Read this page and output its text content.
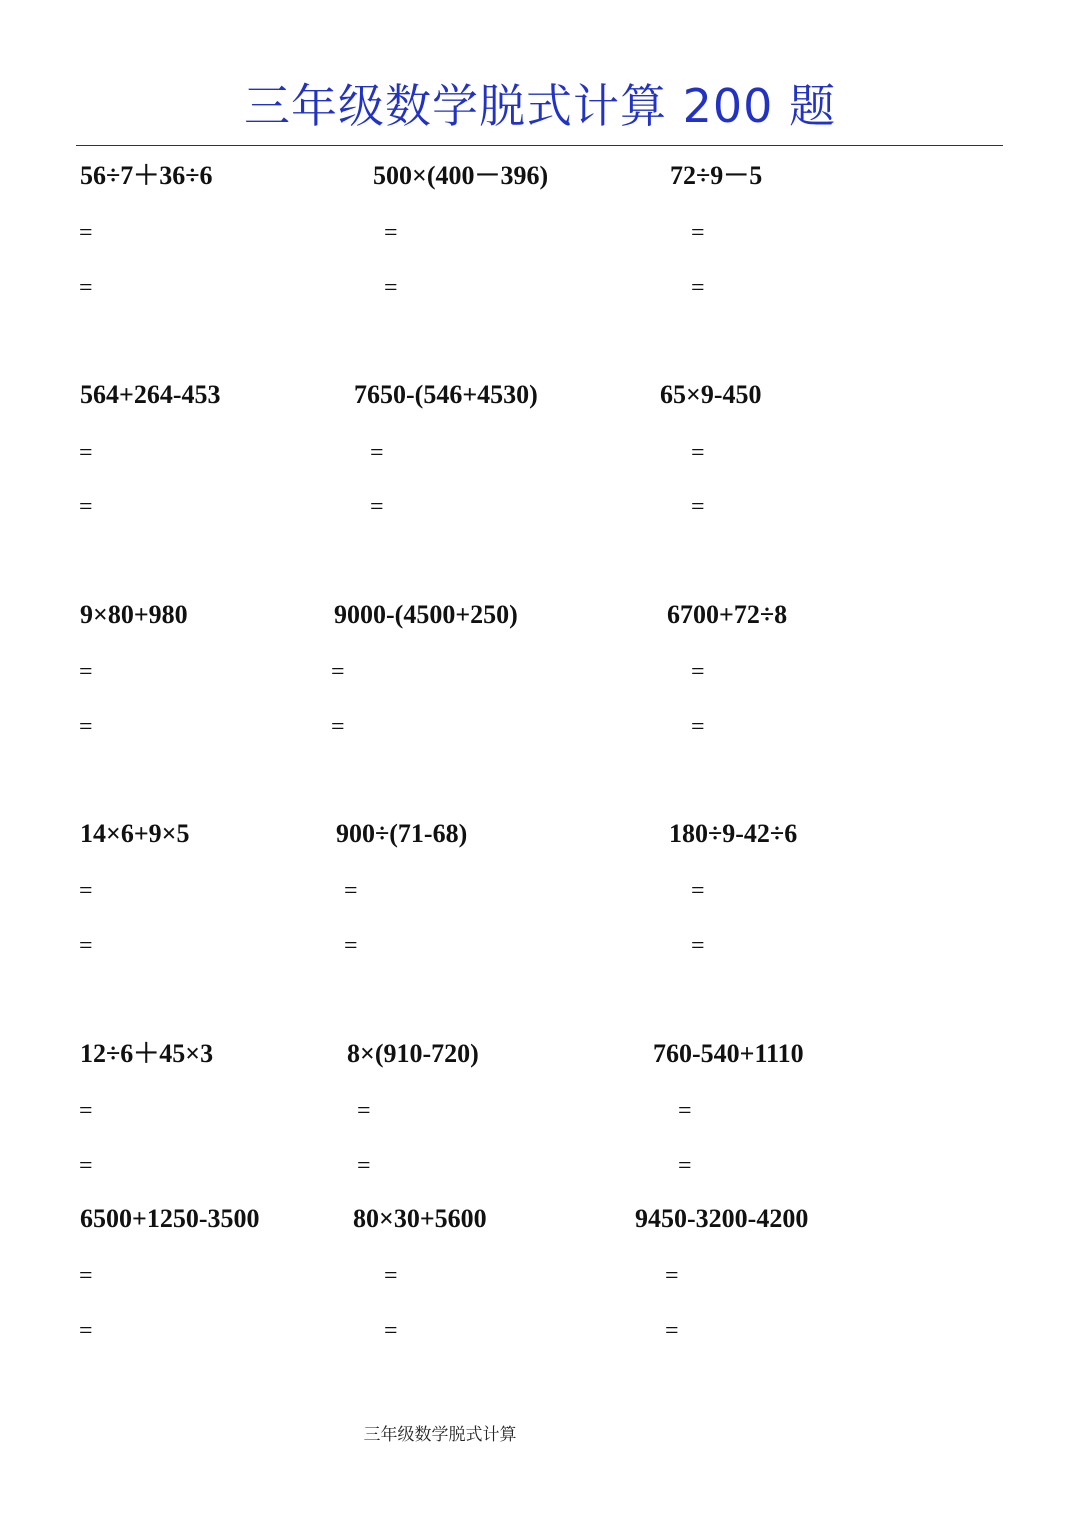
三年级数学脱式计算 200 题
56÷7＋36÷6	500×(400－396)	72÷9－5
=	=	=
=	=	=
564+264-453	7650-(546+4530)	65×9-450
=	=	=
=	=	=
9×80+980	9000-(4500+250)	6700+72÷8
=	=	=
=	=	=
14×6+9×5	900÷(71-68)	180÷9-42÷6
=	=	=
=	=	=
12÷6＋45×3	8×(910-720)	760-540+1110
=	=	=
=	=	=
6500+1250-3500	80×30+5600	9450-3200-4200
=	=	=
=	=	=
三年级数学脱式计算
